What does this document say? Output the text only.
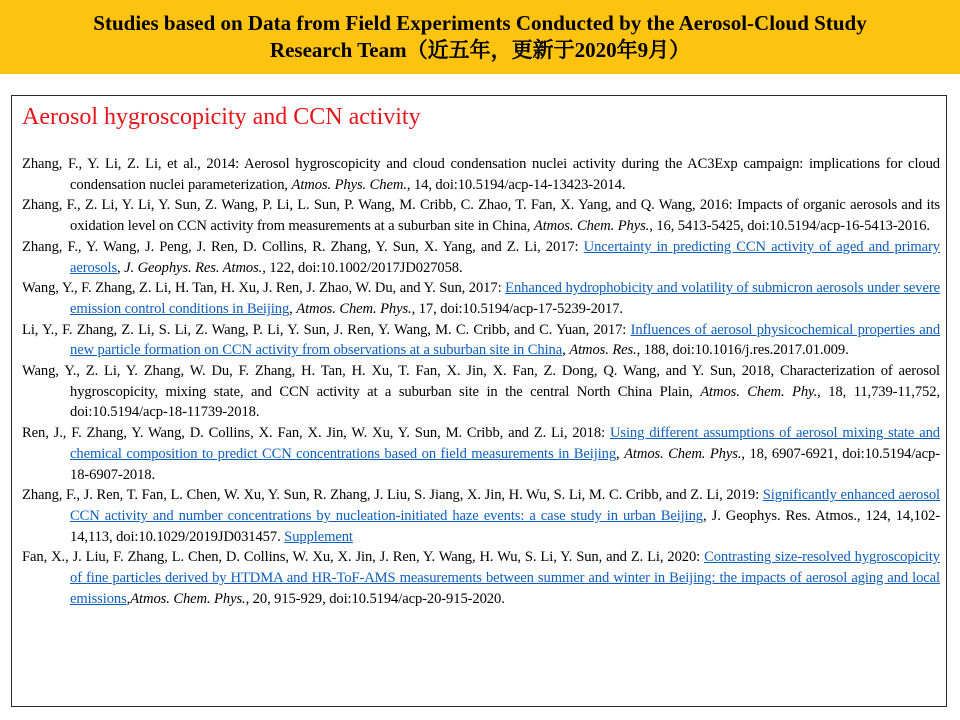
Studies based on Data from Field Experiments Conducted by the Aerosol-Cloud Study
Research Team（近五年，更新于2020年9月）
Aerosol hygroscopicity and CCN activity

Zhang, F., Y. Li, Z. Li, et al., 2014: Aerosol hygroscopicity and cloud condensation nuclei activity during the AC3Exp campaign: implications for cloud condensation nuclei parameterization, Atmos. Phys. Chem., 14, doi:10.5194/acp-14-13423-2014.

Zhang, F., Z. Li, Y. Li, Y. Sun, Z. Wang, P. Li, L. Sun, P. Wang, M. Cribb, C. Zhao, T. Fan, X. Yang, and Q. Wang, 2016: Impacts of organic aerosols and its oxidation level on CCN activity from measurements at a suburban site in China, Atmos. Chem. Phys., 16, 5413-5425, doi:10.5194/acp-16-5413-2016.

Zhang, F., Y. Wang, J. Peng, J. Ren, D. Collins, R. Zhang, Y. Sun, X. Yang, and Z. Li, 2017: Uncertainty in predicting CCN activity of aged and primary aerosols, J. Geophys. Res. Atmos., 122, doi:10.1002/2017JD027058.

Wang, Y., F. Zhang, Z. Li, H. Tan, H. Xu, J. Ren, J. Zhao, W. Du, and Y. Sun, 2017: Enhanced hydrophobicity and volatility of submicron aerosols under severe emission control conditions in Beijing, Atmos. Chem. Phys., 17, doi:10.5194/acp-17-5239-2017.

Li, Y., F. Zhang, Z. Li, S. Li, Z. Wang, P. Li, Y. Sun, J. Ren, Y. Wang, M. C. Cribb, and C. Yuan, 2017: Influences of aerosol physicochemical properties and new particle formation on CCN activity from observations at a suburban site in China, Atmos. Res., 188, doi:10.1016/j.res.2017.01.009.

Wang, Y., Z. Li, Y. Zhang, W. Du, F. Zhang, H. Tan, H. Xu, T. Fan, X. Jin, X. Fan, Z. Dong, Q. Wang, and Y. Sun, 2018, Characterization of aerosol hygroscopicity, mixing state, and CCN activity at a suburban site in the central North China Plain, Atmos. Chem. Phy., 18, 11,739-11,752, doi:10.5194/acp-18-11739-2018.

Ren, J., F. Zhang, Y. Wang, D. Collins, X. Fan, X. Jin, W. Xu, Y. Sun, M. Cribb, and Z. Li, 2018: Using different assumptions of aerosol mixing state and chemical composition to predict CCN concentrations based on field measurements in Beijing, Atmos. Chem. Phys., 18, 6907-6921, doi:10.5194/acp-18-6907-2018.

Zhang, F., J. Ren, T. Fan, L. Chen, W. Xu, Y. Sun, R. Zhang, J. Liu, S. Jiang, X. Jin, H. Wu, S. Li, M. C. Cribb, and Z. Li, 2019: Significantly enhanced aerosol CCN activity and number concentrations by nucleation-initiated haze events: a case study in urban Beijing, J. Geophys. Res. Atmos., 124, 14,102-14,113, doi:10.1029/2019JD031457. Supplement

Fan, X., J. Liu, F. Zhang, L. Chen, D. Collins, W. Xu, X. Jin, J. Ren, Y. Wang, H. Wu, S. Li, Y. Sun, and Z. Li, 2020: Contrasting size-resolved hygroscopicity of fine particles derived by HTDMA and HR-ToF-AMS measurements between summer and winter in Beijing: the impacts of aerosol aging and local emissions,Atmos. Chem. Phys., 20, 915-929, doi:10.5194/acp-20-915-2020.
